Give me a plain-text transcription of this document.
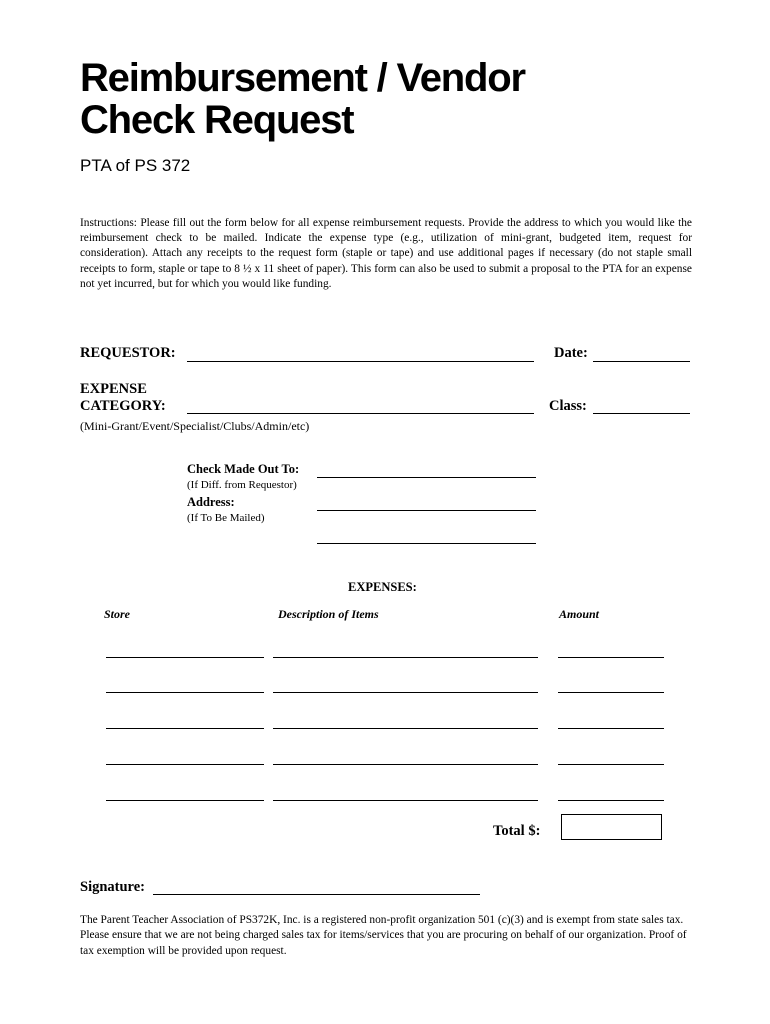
Reimbursement / Vendor
Check Request
PTA of PS 372
Instructions: Please fill out the form below for all expense reimbursement requests. Provide the address to which you would like the reimbursement check to be mailed. Indicate the expense type (e.g., utilization of mini-grant, budgeted item, request for consideration). Attach any receipts to the request form (staple or tape) and use additional pages if necessary (do not staple small receipts to form, staple or tape to 8 ½ x 11 sheet of paper). This form can also be used to submit a proposal to the PTA for an expense not yet incurred, but for which you would like funding.
REQUESTOR:	Date:
EXPENSE
CATEGORY:	Class:
(Mini-Grant/Event/Specialist/Clubs/Admin/etc)
Check Made Out To:
(If Diff. from Requestor)
Address:
(If To Be Mailed)
EXPENSES:
Store	Description of Items	Amount
Total $:
Signature:
The Parent Teacher Association of PS372K, Inc. is a registered non-profit organization 501 (c)(3) and is exempt from state sales tax. Please ensure that we are not being charged sales tax for items/services that you are procuring on behalf of our organization. Proof of tax exemption will be provided upon request.
